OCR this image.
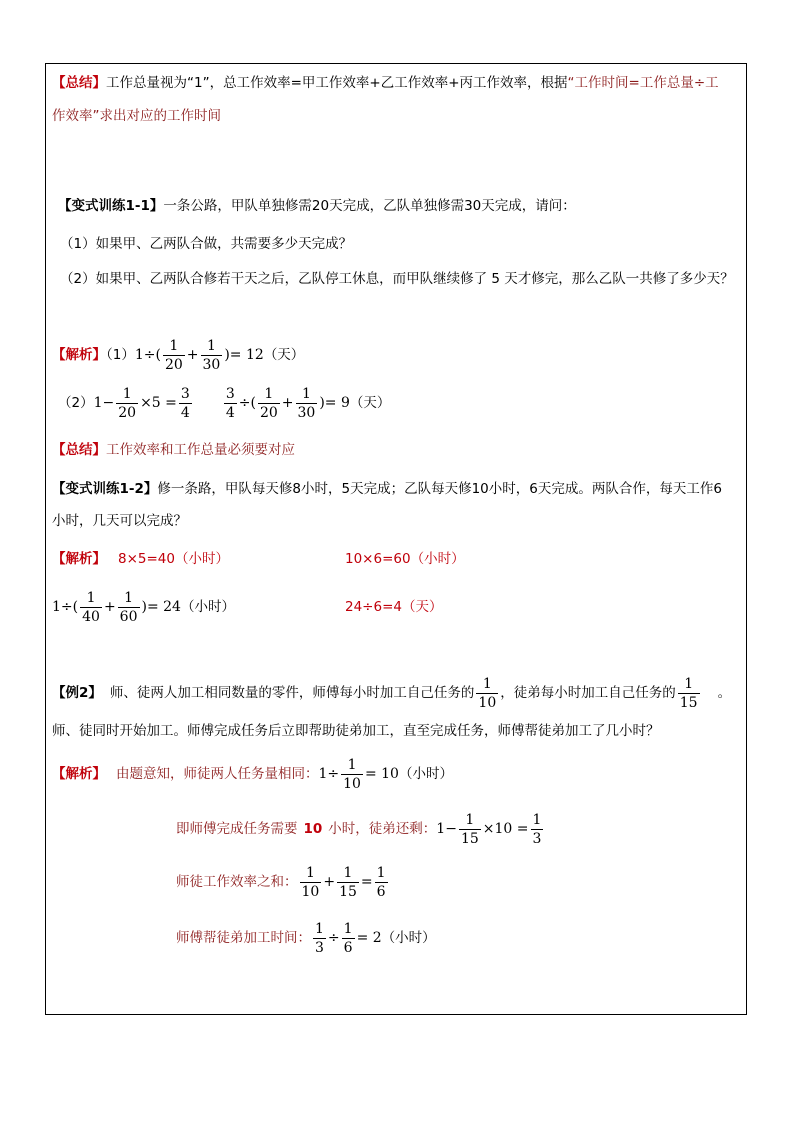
【总结】工作总量视为“1”，总工作效率=甲工作效率+乙工作效率+丙工作效率，根据“工作时间=工作总量÷工
作效率”求出对应的工作时间
【变式训练1-1】一条公路，甲队单独修需20天完成，乙队单独修需30天完成，请问：
（1）如果甲、乙两队合做，共需要多少天完成？
（2）如果甲、乙两队合修若干天之后，乙队停工休息，而甲队继续修了 5 天才修完，那么乙队一共修了多少天？
【解析】$(1)1\div( \frac{1}{20} + \frac{1}{30}$ )= 12（天）
$(2)1- \frac{1}{20} \times 5 = \frac{3}{4} \frac{3}{4}$ ÷( $\frac{1}{20} + \frac{1}{30}$ )= 9（天）
【总结】工作效率和工作总量必须要对应
【变式训练1-2】修一条路，甲队每天修8小时，5天完成；乙队每天修10小时，6天完成。两队合作，每天工作6
小时，几天可以完成？
【解析】 8×5=40（小时）	10×6=60（小时）
$1\div( \frac{1}{40} + \frac{1}{60}$ )= 24（小时）	24÷6=4（天）
【例2】 师、徒两人加工相同数量的零件，师傅每小时加工自己任务的 $\frac{1}{10}$ ，徒弟每小时加工自己任务的 $\frac{1}{15}$ 。
师、徒同时开始加工。师傅完成任务后立即帮助徒弟加工，直至完成任务，师傅帮徒弟加工了几小时？
【解析】 由题意知，师徒两人任务量相同：$1\div \frac{1}{10} = 10$（小时）
即师傅完成任务需要 10 小时，徒弟还剩：$1- \frac{1}{15} \times 10 = \frac{1}{3}$
师徒工作效率之和： $\frac{1}{10} + \frac{1}{15} = \frac{1}{6}$
师傅帮徒弟加工时间： $\frac{1}{3} \div \frac{1}{6} = 2$（小时）
